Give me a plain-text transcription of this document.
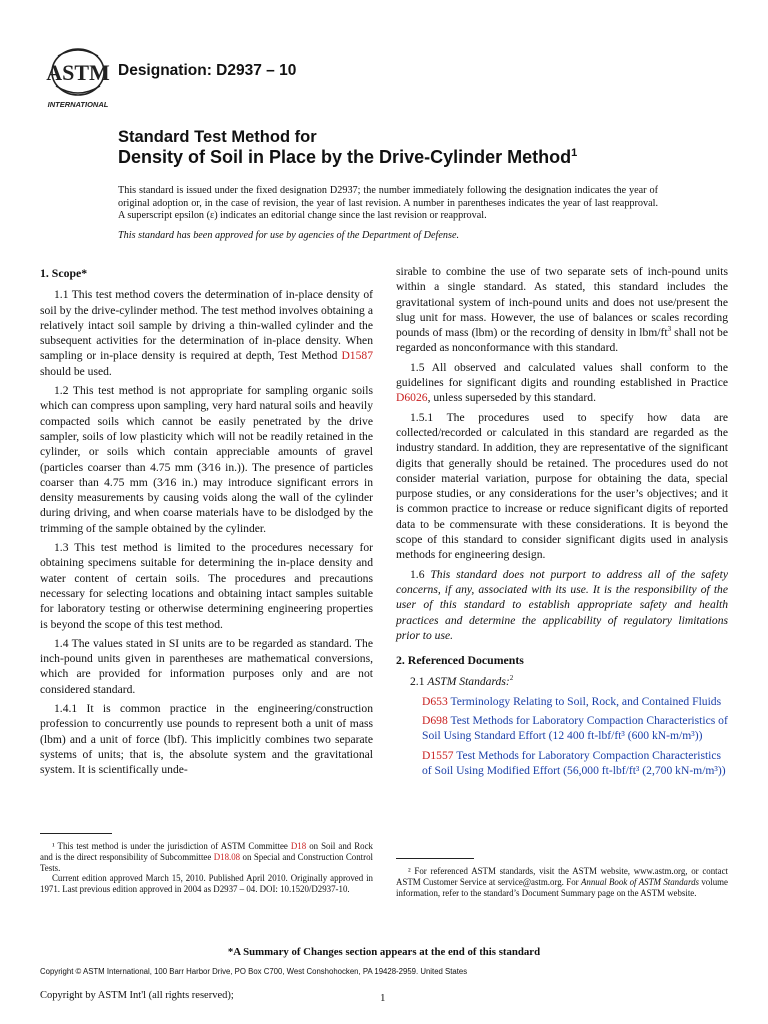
ASTM
INTERNATIONAL
Designation: D2937 – 10
Standard Test Method for
Density of Soil in Place by the Drive-Cylinder Method$^1$
This standard is issued under the fixed designation D2937; the number immediately following the designation indicates the year of original adoption or, in the case of revision, the year of last revision. A number in parentheses indicates the year of last reapproval. A superscript epsilon (ε) indicates an editorial change since the last revision or reapproval.
This standard has been approved for use by agencies of the Department of Defense.
1. Scope*

1.1 This test method covers the determination of in-place density of soil by the drive-cylinder method. The test method involves obtaining a relatively intact soil sample by driving a thin-walled cylinder and the subsequent activities for the determination of in-place density. When sampling or in-place density is required at depth, Test Method D1587 should be used.

1.2 This test method is not appropriate for sampling organic soils which can compress upon sampling, very hard natural soils and heavily compacted soils which cannot be easily penetrated by the drive sampler, soils of low plasticity which will not be readily retained in the cylinder, or soils which contain appreciable amounts of gravel (particles coarser than 4.75 mm (3⁄16 in.)). The presence of particles coarser than 4.75 mm (3⁄16 in.) may introduce significant errors in density measurements by causing voids along the wall of the cylinder during driving, and when coarse materials have to be dislodged by the trimming of the sample obtained by the cylinder.

1.3 This test method is limited to the procedures necessary for obtaining specimens suitable for determining the in-place density and water content of certain soils. The procedures and precautions necessary for selecting locations and obtaining intact samples suitable for laboratory testing or otherwise determining engineering properties is beyond the scope of this test method.

1.4 The values stated in SI units are to be regarded as standard. The inch-pound units given in parentheses are mathematical conversions, which are provided for information purposes only and are not considered standard.

1.4.1 It is common practice in the engineering/construction profession to concurrently use pounds to represent both a unit of mass (lbm) and a unit of force (lbf). This implicitly combines two separate systems of units; that is, the absolute system and the gravitational system. It is scientifically unde-

¹ This test method is under the jurisdiction of ASTM Committee D18 on Soil and Rock and is the direct responsibility of Subcommittee D18.08 on Special and Construction Control Tests.

Current edition approved March 15, 2010. Published April 2010. Originally approved in 1971. Last previous edition approved in 2004 as D2937 – 04. DOI: 10.1520/D2937-10.

sirable to combine the use of two separate sets of inch-pound units within a single standard. As stated, this standard includes the gravitational system of inch-pound units and does not use/present the slug unit for mass. However, the use of balances or scales recording pounds of mass (lbm) or the recording of density in lbm/$ft^3$ shall not be regarded as nonconformance with this standard.

1.5 All observed and calculated values shall conform to the guidelines for significant digits and rounding established in Practice D6026, unless superseded by this standard.

1.5.1 The procedures used to specify how data are collected/recorded or calculated in this standard are regarded as the industry standard. In addition, they are representative of the significant digits that generally should be retained. The procedures used do not consider material variation, purpose for obtaining the data, special purpose studies, or any considerations for the user’s objectives; and it is common practice to increase or reduce significant digits of reported data to be commensurate with these considerations. It is beyond the scope of this standard to consider significant digits used in analysis methods for engineering design.

1.6 This standard does not purport to address all of the safety concerns, if any, associated with its use. It is the responsibility of the user of this standard to establish appropriate safety and health practices and determine the applicability of regulatory limitations prior to use.

2. Referenced Documents

2.1 ASTM Standards:$^2$

D653 Terminology Relating to Soil, Rock, and Contained Fluids

D698 Test Methods for Laboratory Compaction Characteristics of Soil Using Standard Effort (12 400 ft-lbf/ft³ (600 kN-m/m³))

D1557 Test Methods for Laboratory Compaction Characteristics of Soil Using Modified Effort (56,000 ft-lbf/ft³ (2,700 kN-m/m³))

² For referenced ASTM standards, visit the ASTM website, www.astm.org, or contact ASTM Customer Service at service@astm.org. For Annual Book of ASTM Standards volume information, refer to the standard’s Document Summary page on the ASTM website.

*A Summary of Changes section appears at the end of this standard
Copyright © ASTM International, 100 Barr Harbor Drive, PO Box C700, West Conshohocken, PA 19428-2959. United States
Copyright by ASTM Int'l (all rights reserved);	1
